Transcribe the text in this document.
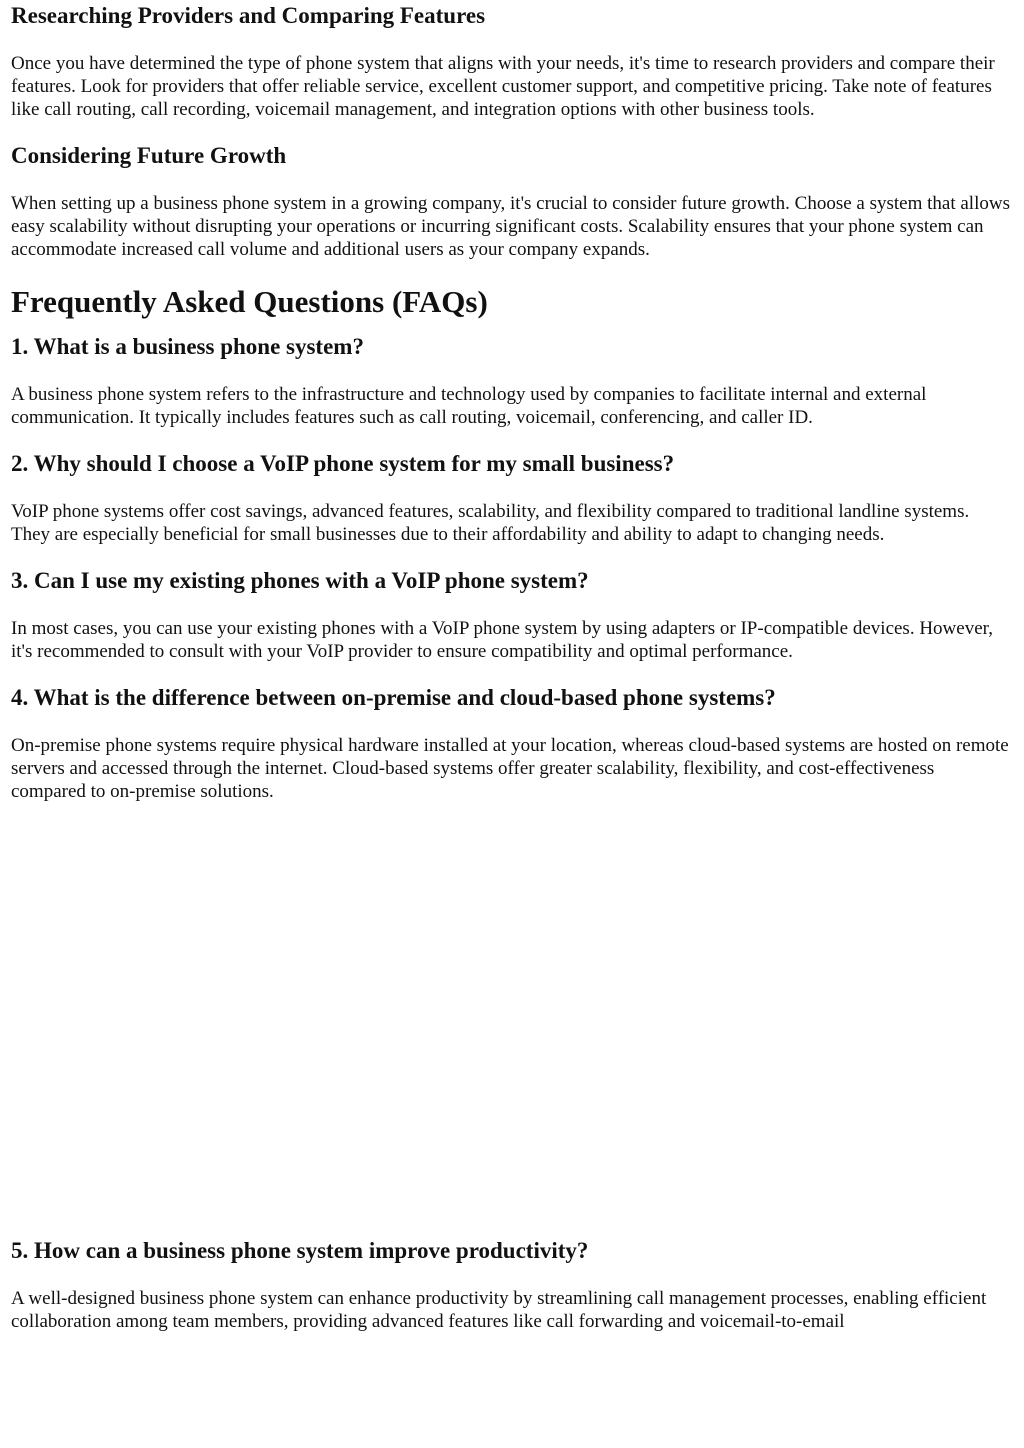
Researching Providers and Comparing Features

Once you have determined the type of phone system that aligns with your needs, it's time to research providers and compare their features. Look for providers that offer reliable service, excellent customer support, and competitive pricing. Take note of features like call routing, call recording, voicemail management, and integration options with other business tools.

Considering Future Growth

When setting up a business phone system in a growing company, it's crucial to consider future growth. Choose a system that allows easy scalability without disrupting your operations or incurring significant costs. Scalability ensures that your phone system can accommodate increased call volume and additional users as your company expands.

Frequently Asked Questions (FAQs)
1. What is a business phone system?

A business phone system refers to the infrastructure and technology used by companies to facilitate internal and external communication. It typically includes features such as call routing, voicemail, conferencing, and caller ID.

2. Why should I choose a VoIP phone system for my small business?

VoIP phone systems offer cost savings, advanced features, scalability, and flexibility compared to traditional landline systems. They are especially beneficial for small businesses due to their affordability and ability to adapt to changing needs.

3. Can I use my existing phones with a VoIP phone system?

In most cases, you can use your existing phones with a VoIP phone system by using adapters or IP-compatible devices. However, it's recommended to consult with your VoIP provider to ensure compatibility and optimal performance.

4. What is the difference between on-premise and cloud-based phone systems?

On-premise phone systems require physical hardware installed at your location, whereas cloud-based systems are hosted on remote servers and accessed through the internet. Cloud-based systems offer greater scalability, flexibility, and cost-effectiveness compared to on-premise solutions.

5. How can a business phone system improve productivity?

A well-designed business phone system can enhance productivity by streamlining call management processes, enabling efficient collaboration among team members, providing advanced features like call forwarding and voicemail-to-email
